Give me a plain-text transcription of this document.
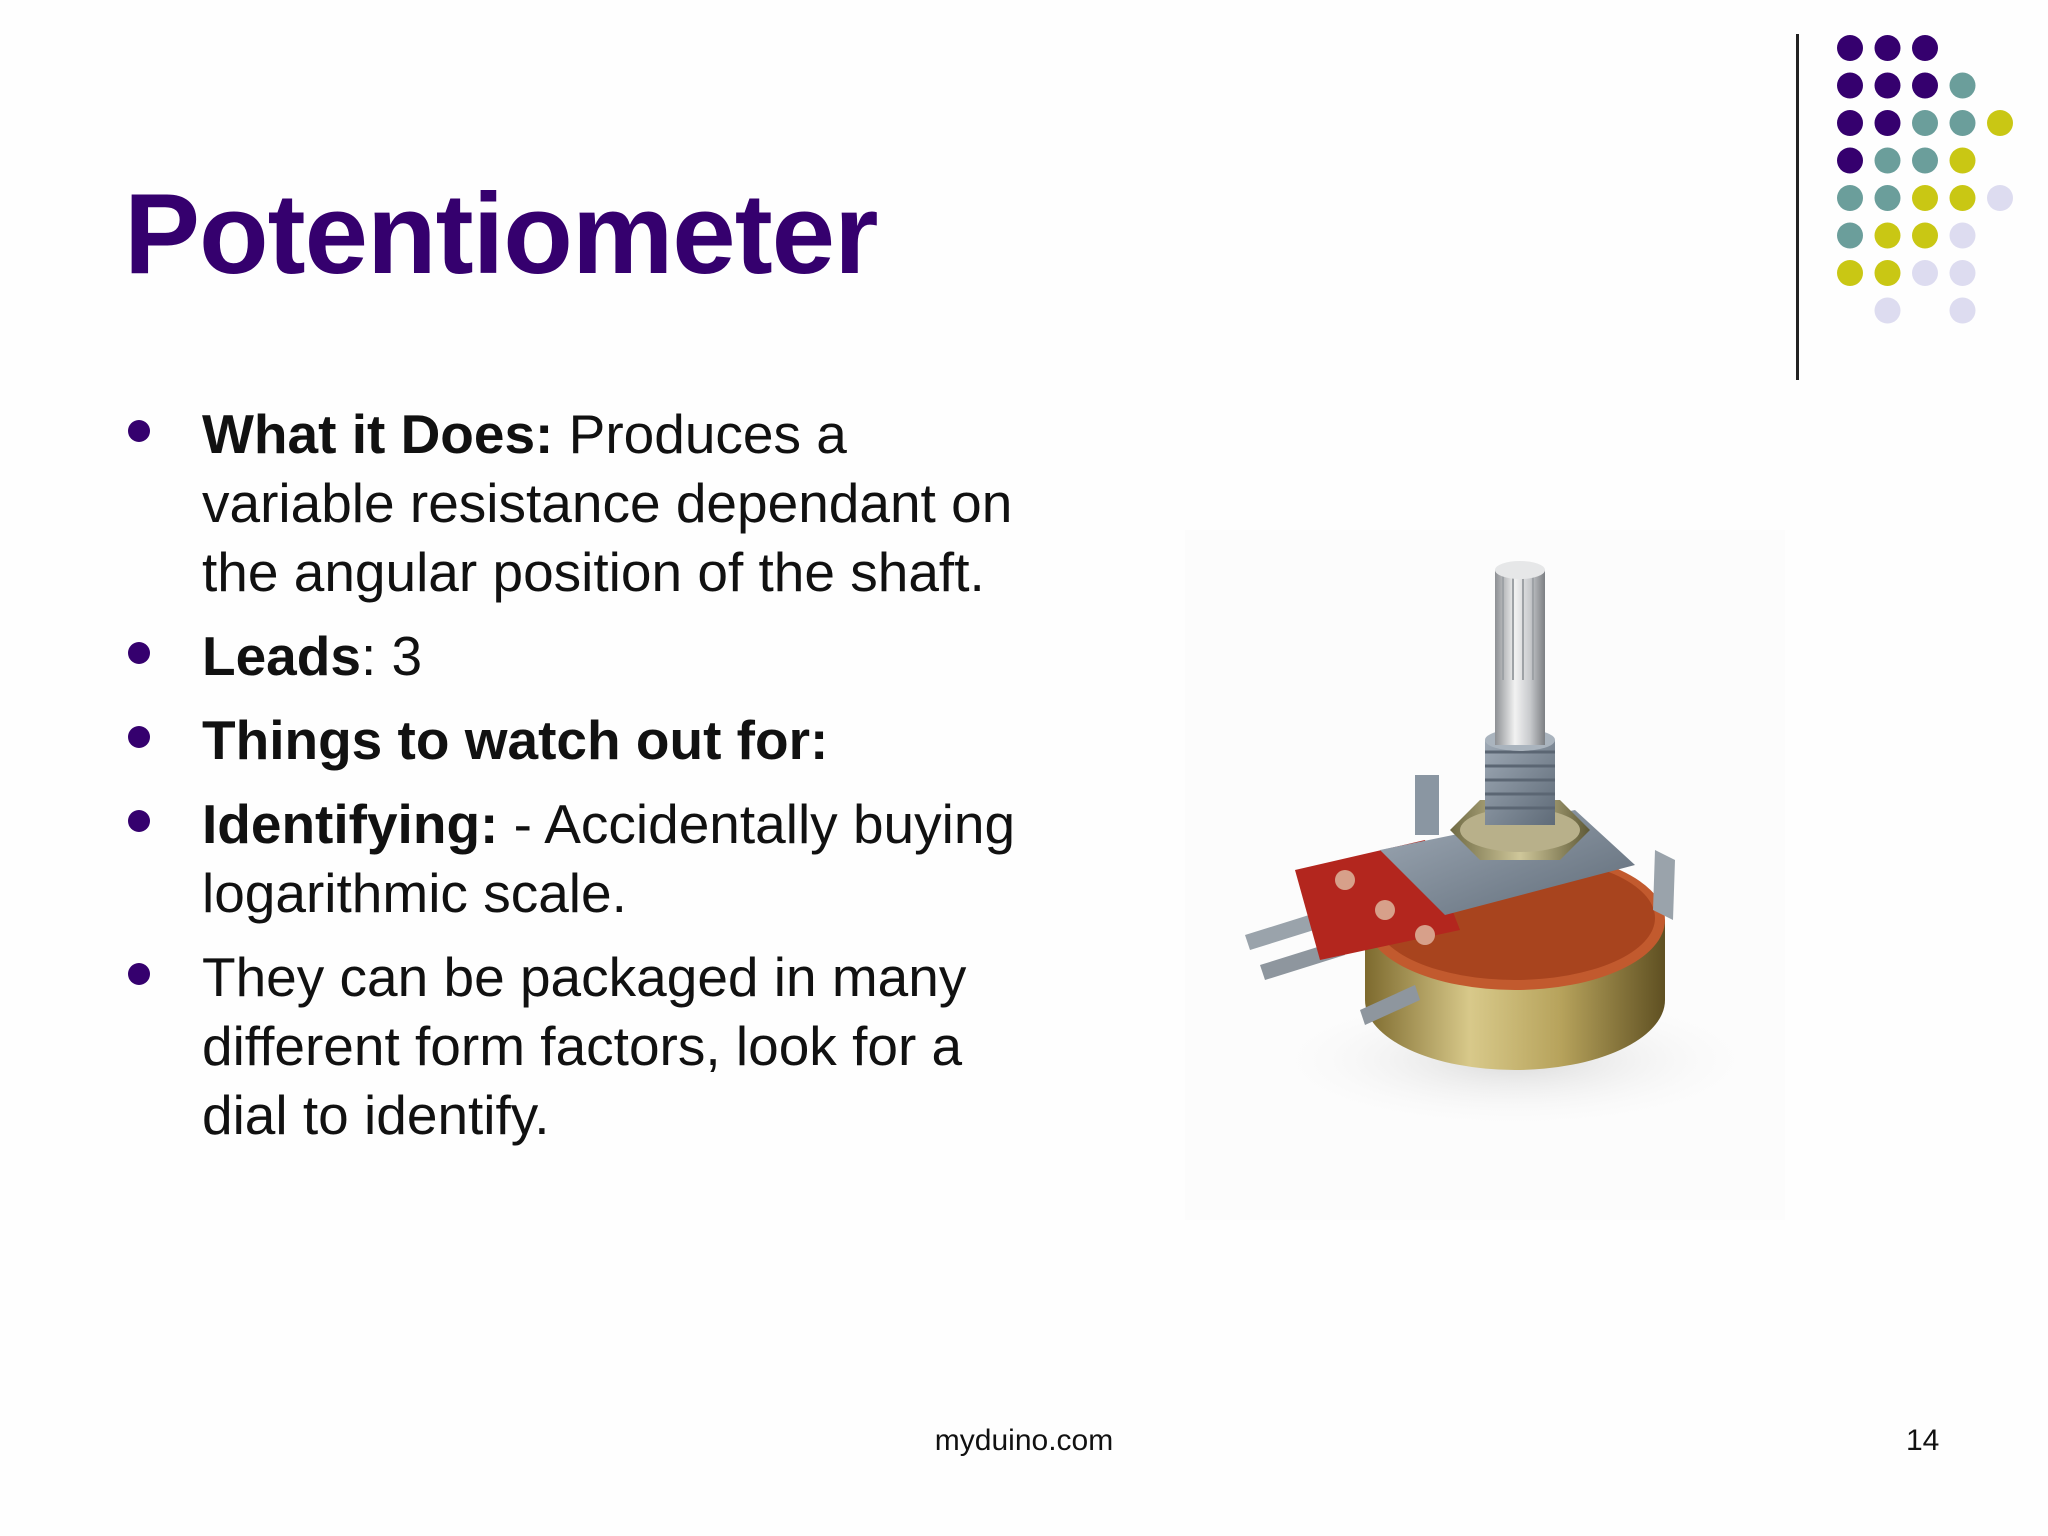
Potentiometer
What it Does: Produces a variable resistance dependant on the angular position of the shaft.
Leads: 3
Things to watch out for:
Identifying: - Accidentally buying logarithmic scale.
They can be packaged in many different form factors, look for a dial to identify.
myduino.com	14
